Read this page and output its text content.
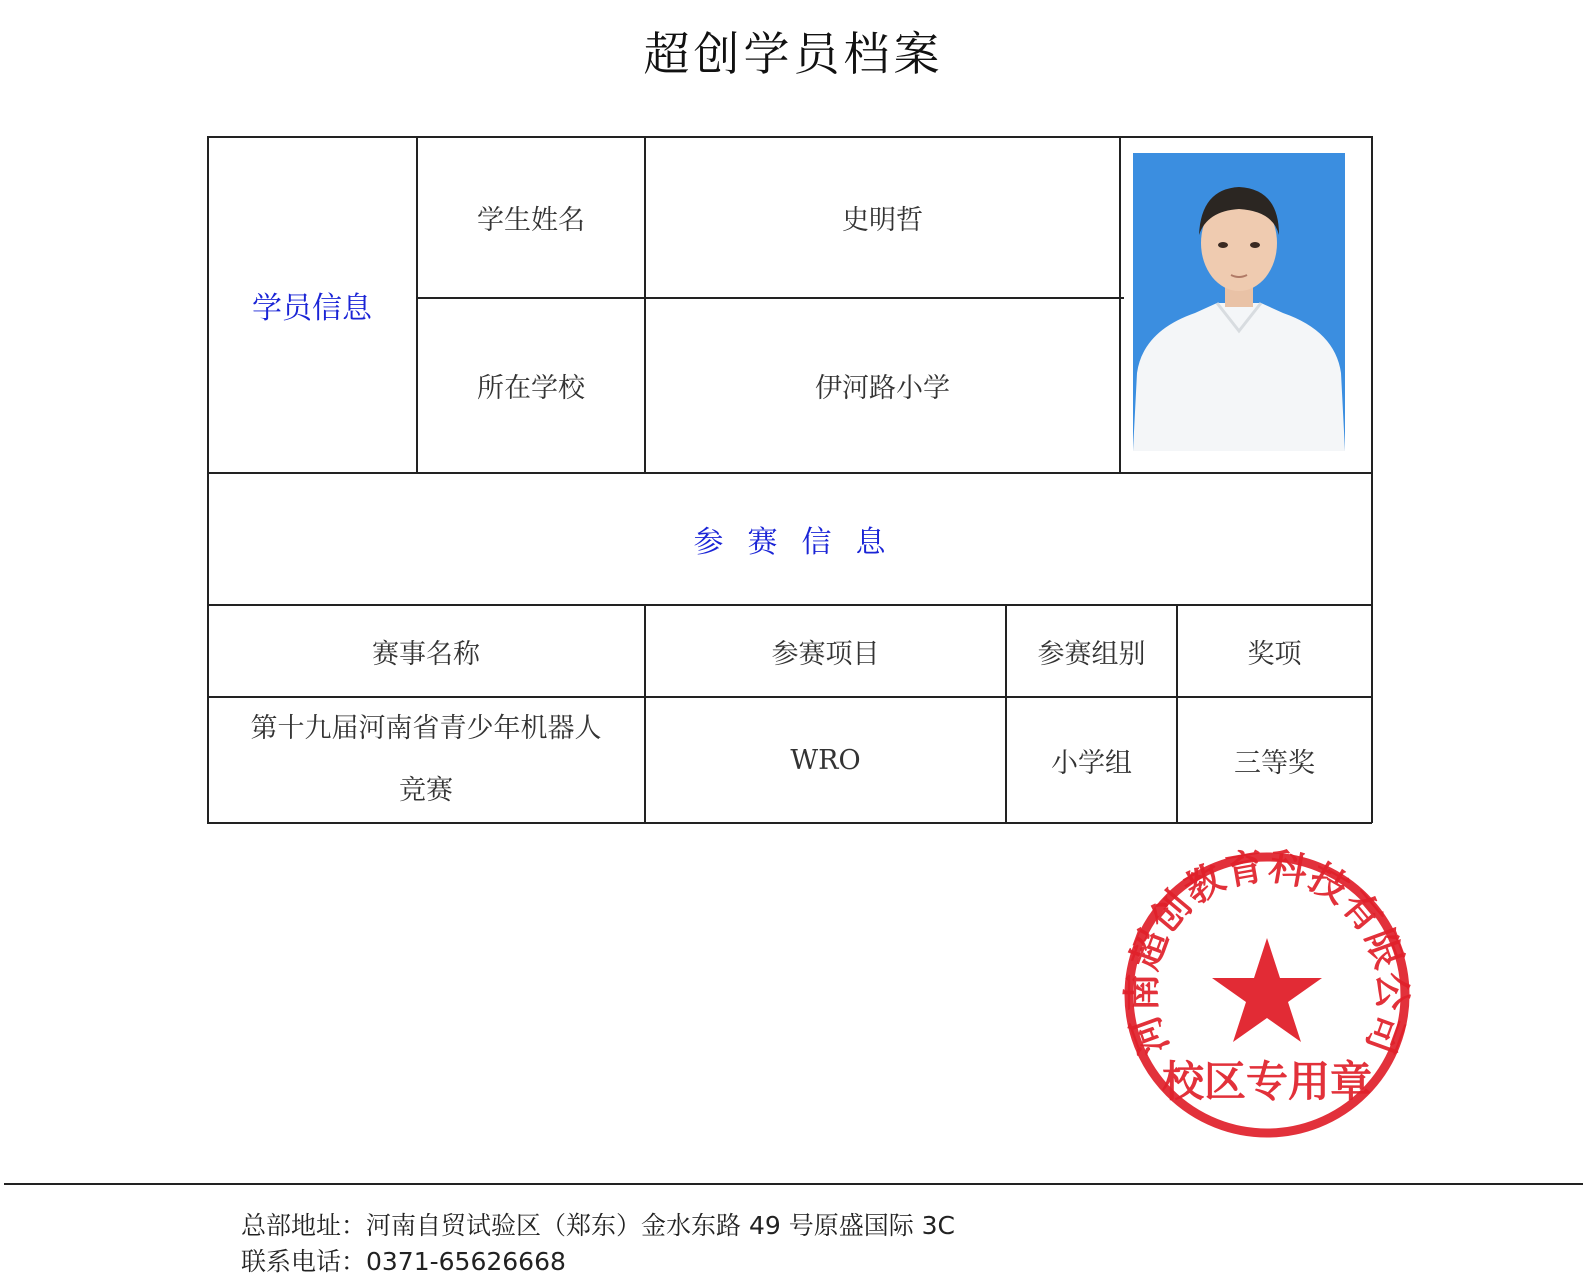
超创学员档案
学员信息
学生姓名	史明哲
所在学校	伊河路小学
参赛信息
赛事名称	参赛项目	参赛组别	奖项
第十九届河南省青少年机器人
竞赛
WRO	小学组	三等奖
河南超创教育科技有限公司
校区专用章
总部地址：河南自贸试验区（郑东）金水东路 49 号原盛国际 3C
联系电话：0371-65626668
